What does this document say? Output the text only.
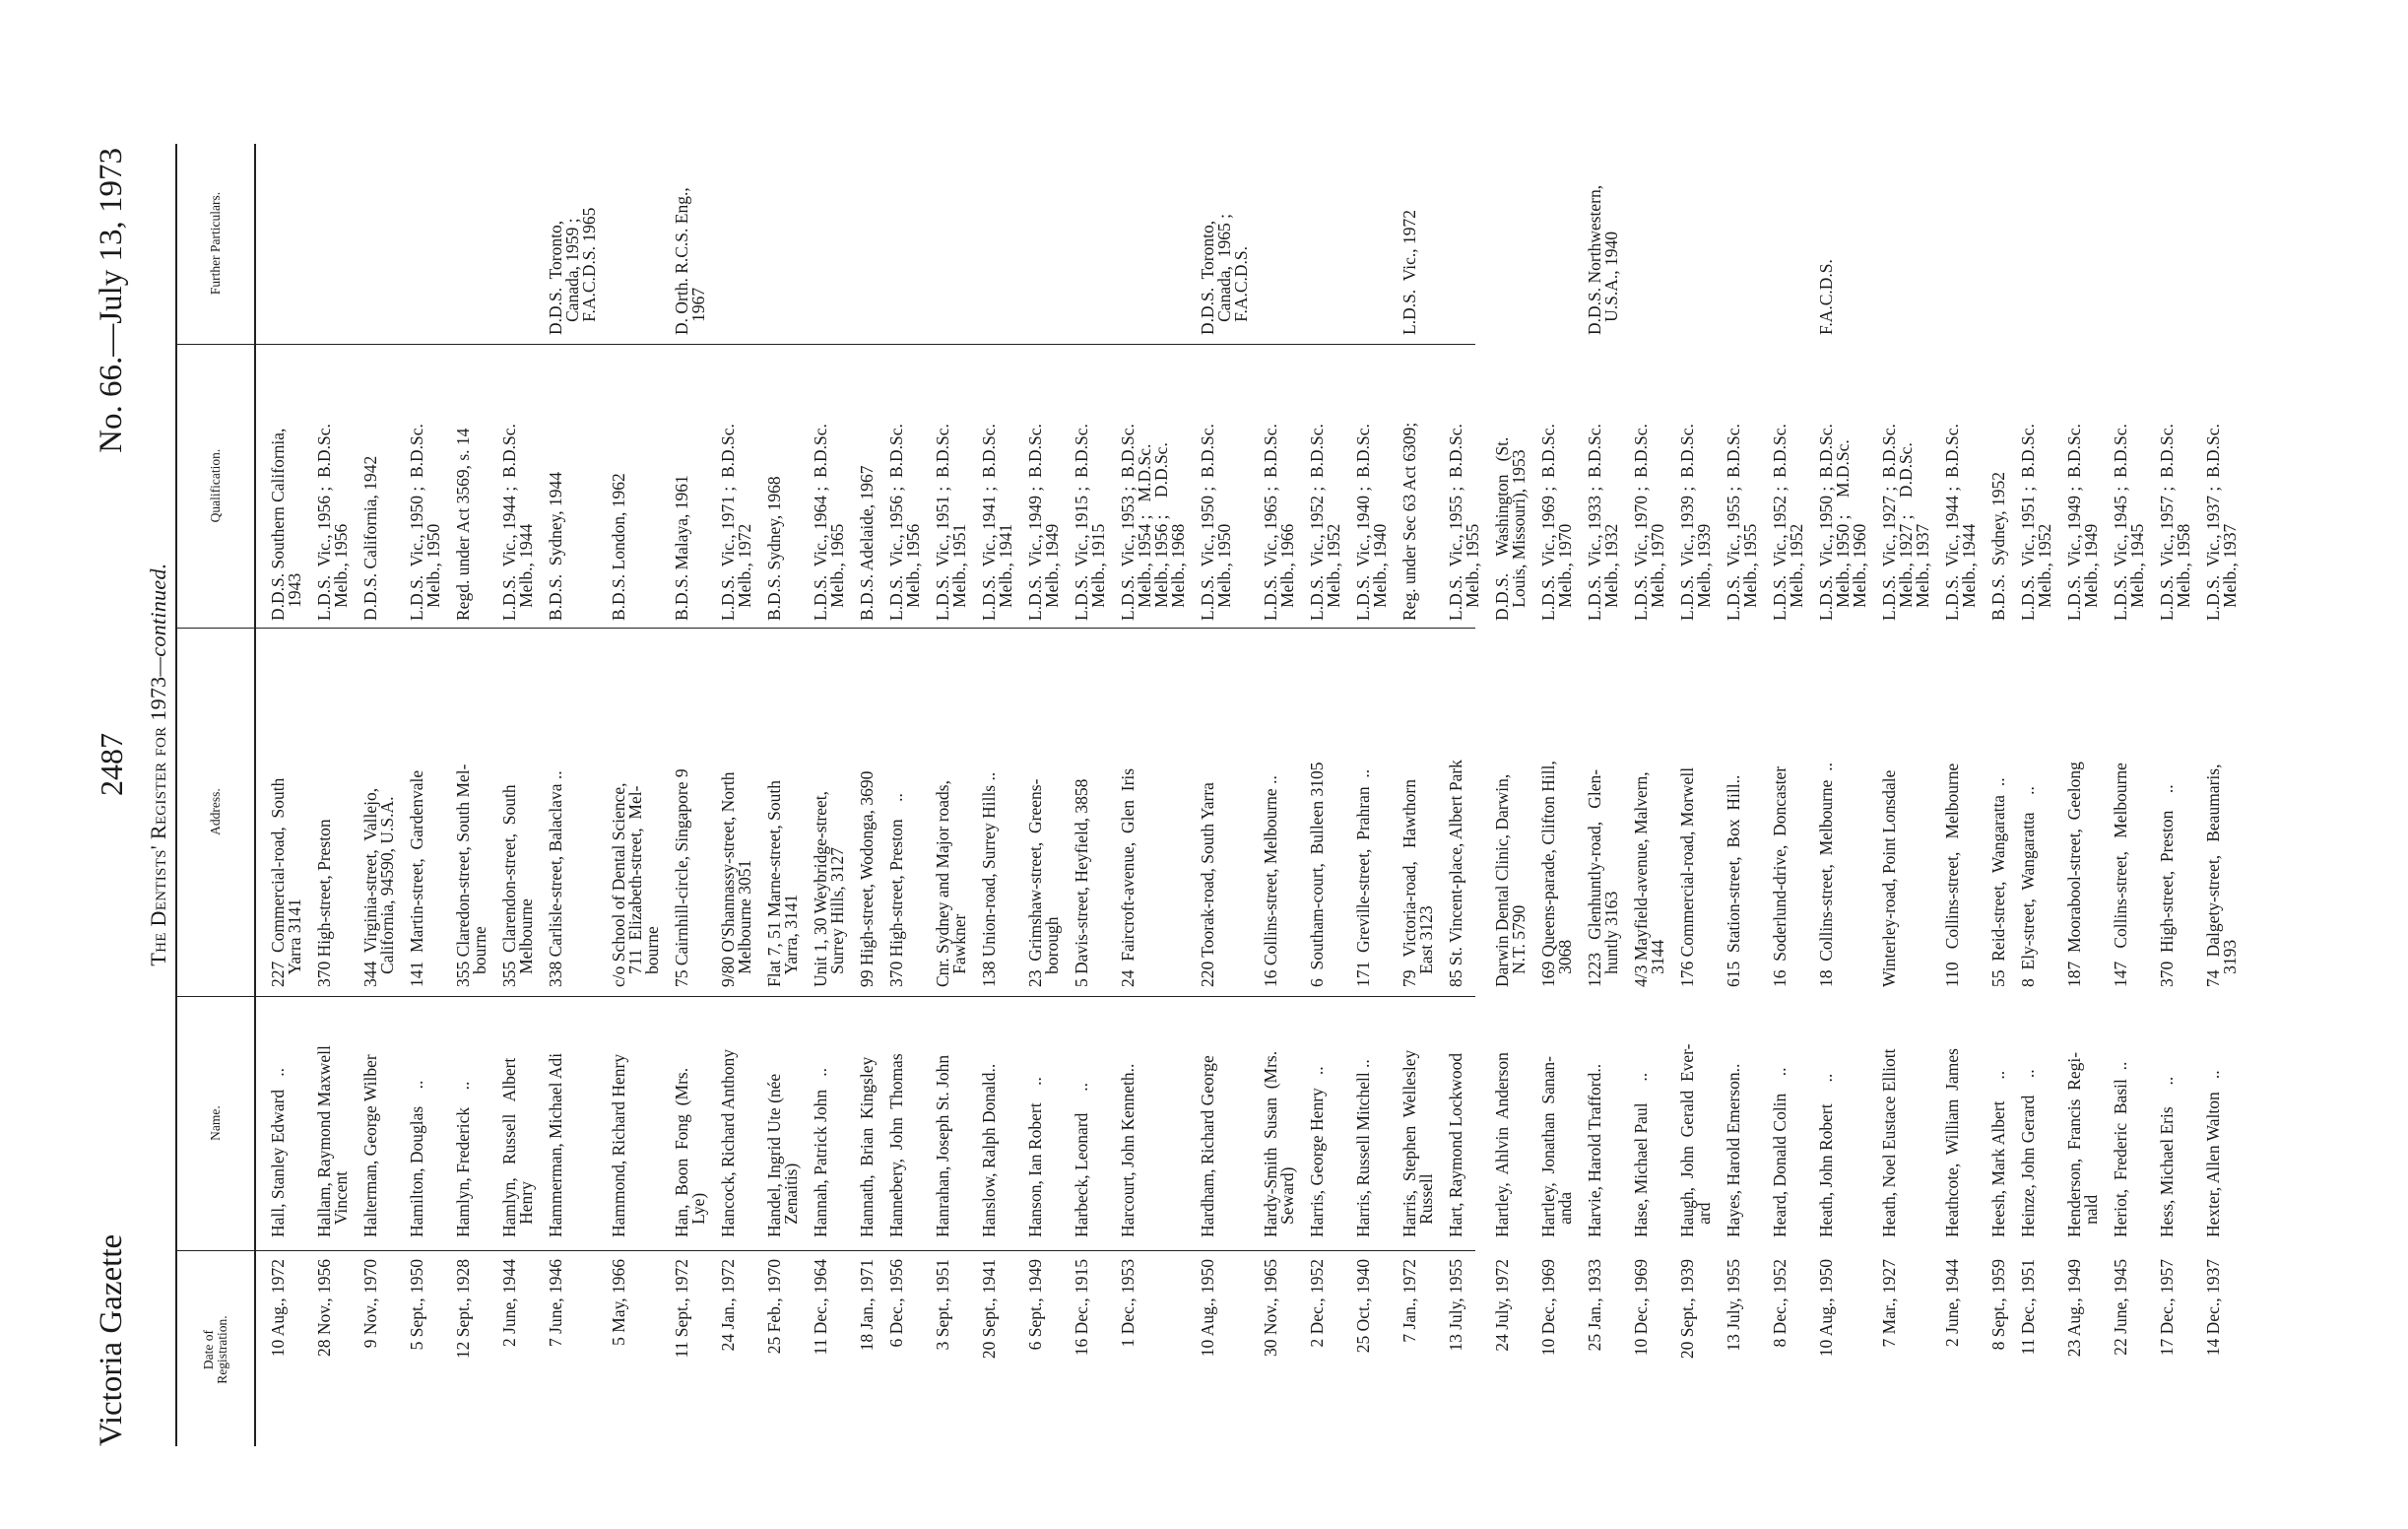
Victoria Gazette
2487
No. 66.—July 13, 1973
The Dentists' Register for 1973—continued.
Date of
Registration.
Name.
Address.
Qualification.
Further Particulars.
10 Aug., 1972
Hall, Stanley Edward   ..
227  Commercial-road,  South
Yarra 3141
D.D.S. Southern California,
1943
28 Nov., 1956
Hallam, Raymond Maxwell
Vincent
370 High-street, Preston
L.D.S.  Vic., 1956 ;  B.D.Sc.
Melb., 1956
9 Nov., 1970
Halterman, George Wilber
344  Virginia-street,  Vallejo,
California, 94590, U.S.A.
D.D.S. California, 1942
5 Sept., 1950
Hamilton, Douglas    ..
141  Martin-street,  Gardenvale
L.D.S.  Vic., 1950 ;  B.D.Sc.
Melb., 1950
12 Sept., 1928
Hamlyn, Frederick    ..
355 Claredon-street, South Mel-
bourne
Regd. under Act 3569, s. 14
2 June, 1944
Hamlyn,   Russell   Albert
Henry
355  Clarendon-street,  South
Melbourne
L.D.S.  Vic., 1944 ;  B.D.Sc.
Melb., 1944
7 June, 1946
Hammerman, Michael Adi
338 Carlisle-street, Balaclava ..
B.D.S.  Sydney, 1944
D.D.S.  Toronto,
Canada, 1959 ;
F.A.C.D.S. 1965
5 May, 1966
Hammond, Richard Henry
c/o School of Dental Science,
711  Elizabeth-street,  Mel-
bourne
B.D.S. London, 1962
11 Sept., 1972
Han,  Boon  Fong  (Mrs.
Lye)
75 Cairnhill-circle, Singapore 9
B.D.S. Malaya, 1961
D. Orth. R.C.S. Eng.,
1967
24 Jan., 1972
Hancock, Richard Anthony
9/80 O'Shannassy-street, North
Melbourne 3051
L.D.S.  Vic., 1971 ;  B.D.Sc.
Melb., 1972
25 Feb., 1970
Handel, Ingrid Ute (née
Zenaitis)
Flat 7, 51 Marne-street, South
Yarra, 3141
B.D.S. Sydney, 1968
11 Dec., 1964
Hannah, Patrick John   ..
Unit 1, 30 Weybridge-street,
Surrey Hills, 3127
L.D.S.  Vic., 1964 ;  B.D.Sc.
Melb., 1965
18 Jan., 1971
Hannath,  Brian  Kingsley
99 High-street, Wodonga, 3690
B.D.S. Adelaide, 1967
6 Dec., 1956
Hannebery,  John  Thomas
370 High-street, Preston    ..
L.D.S.  Vic., 1956 ;  B.D.Sc.
Melb., 1956
3 Sept., 1951
Hanrahan, Joseph St. John
Cnr. Sydney and Major roads,
Fawkner
L.D.S.  Vic., 1951 ;  B.D.Sc.
Melb., 1951
20 Sept., 1941
Hanslow, Ralph Donald..
138 Union-road, Surrey Hills ..
L.D.S.  Vic., 1941 ;  B.D.Sc.
Melb., 1941
6 Sept., 1949
Hanson, Ian Robert    ..
23  Grimshaw-street,  Greens-
borough
L.D.S.  Vic., 1949 ;  B.D.Sc.
Melb., 1949
16 Dec., 1915
Harbeck, Leonard     ..
5 Davis-street, Heyfield, 3858
L.D.S.  Vic., 1915 ;  B.D.Sc.
Melb., 1915
1 Dec., 1953
Harcourt, John Kenneth..
24  Faircroft-avenue,  Glen  Iris
L.D.S.  Vic., 1953 ;  B.D.Sc.
Melb., 1954 ;   M.D.Sc.
Melb., 1956 ;    D.D.Sc.
Melb., 1968
10 Aug., 1950
Hardham, Richard George
220 Toorak-road, South Yarra
L.D.S.  Vic., 1950 ;  B.D.Sc.
Melb., 1950
D.D.S.  Toronto,
Canada,  1965 ;
F.A.C.D.S.
30 Nov., 1965
Hardy-Smith  Susan  (Mrs.
Seward)
16 Collins-street, Melbourne ..
L.D.S.  Vic., 1965 ;  B.D.Sc.
Melb., 1966
2 Dec., 1952
Harris, George Henry   ..
6  Southam-court,  Bulleen 3105
L.D.S.  Vic., 1952 ;  B.D.Sc.
Melb., 1952
25 Oct., 1940
Harris, Russell Mitchell ..
171  Greville-street,  Prahran  ..
L.D.S.  Vic., 1940 ;  B.D.Sc.
Melb., 1940
7 Jan., 1972
Harris,  Stephen  Wellesley
Russell
79   Victoria-road,   Hawthorn
East 3123
Reg. under Sec 63 Act 6309;
L.D.S.  Vic., 1972
13 July, 1955
Hart, Raymond Lockwood
85 St. Vincent-place, Albert Park
L.D.S.  Vic., 1955 ;  B.D.Sc.
Melb., 1955
24 July, 1972
Hartley,  Ahlvin  Anderson
Darwin Dental Clinic, Darwin,
N.T. 5790
D.D.S.    Washington   (St.
Louis, Missouri), 1953
10 Dec., 1969
Hartley,  Jonathan  Sanan-
anda
169 Queens-parade, Clifton Hill,
3068
L.D.S.  Vic., 1969 ;  B.D.Sc.
Melb., 1970
25 Jan., 1933
Harvie, Harold Trafford..
1223   Glenhuntly-road,   Glen-
huntly 3163
L.D.S.  Vic., 1933 ;  B.D.Sc.
Melb., 1932
D.D.S. Northwestern,
U.S.A., 1940
10 Dec., 1969
Hase, Michael Paul     ..
4/3 Mayfield-avenue, Malvern,
3144
L.D.S.  Vic., 1970 ;  B.D.Sc.
Melb., 1970
20 Sept., 1939
Haugh,  John  Gerald  Ever-
ard
176 Commercial-road, Morwell
L.D.S.  Vic., 1939 ;  B.D.Sc.
Melb., 1939
13 July, 1955
Hayes, Harold Emerson..
615  Station-street,  Box  Hill..
L.D.S.  Vic., 1955 ;  B.D.Sc.
Melb., 1955
8 Dec., 1952
Heard, Donald Colin    ..
16  Soderlund-drive,  Doncaster
L.D.S.  Vic., 1952 ;  B.D.Sc.
Melb., 1952
10 Aug., 1950
Heath, John Robert     ..
18  Collins-street,  Melbourne  ..
L.D.S.  Vic., 1950 ;  B.D.Sc.
Melb., 1950 ;    M.D.Sc.
Melb., 1960
F.A.C.D.S.
7 Mar., 1927
Heath, Noel Eustace Elliott
Winterley-road, Point Lonsdale
L.D.S.  Vic., 1927 ;  B.D.Sc.
Melb., 1927 ;    D.D.Sc.
Melb., 1937
2 June, 1944
Heathcote,  William  James
110   Collins-street,   Melbourne
L.D.S.  Vic., 1944 ;  B.D.Sc.
Melb., 1944
8 Sept., 1959
Heesh, Mark Albert     ..
55  Reid-street,  Wangaratta  ..
B.D.S.  Sydney, 1952
11 Dec., 1951
Heinze, John Gerard    ..
8  Ely-street,  Wangaratta    ..
L.D.S.  Vic., 1951 ;  B.D.Sc.
Melb., 1952
23 Aug., 1949
Henderson,  Francis  Regi-
nald
187  Moorabool-street,  Geelong
L.D.S.  Vic., 1949 ;  B.D.Sc.
Melb., 1949
22 June, 1945
Heriot,  Frederic  Basil  ..
147   Collins-street,   Melbourne
L.D.S.  Vic., 1945 ;  B.D.Sc.
Melb., 1945
17 Dec., 1957
Hess, Michael Eris     ..
370  High-street,  Preston    ..
L.D.S.  Vic., 1957 ;  B.D.Sc.
Melb., 1958
14 Dec., 1937
Hexter, Allen Walton   ..
74   Dalgety-street,   Beaumaris,
3193
L.D.S.  Vic., 1937 ;  B.D.Sc.
Melb., 1937
